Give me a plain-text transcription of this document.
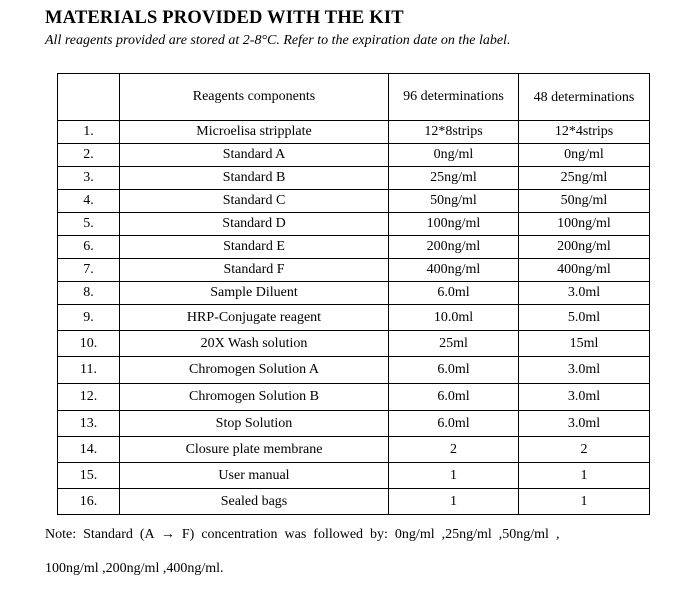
MATERIALS PROVIDED WITH THE KIT
All reagents provided are stored at 2-8°C. Refer to the expiration date on the label.
	Reagents components	96 determinations	48 determinations
1.	Microelisa stripplate	12*8strips	12*4strips
2.	Standard A	0ng/ml	0ng/ml
3.	Standard B	25ng/ml	25ng/ml
4.	Standard C	50ng/ml	50ng/ml
5.	Standard D	100ng/ml	100ng/ml
6.	Standard E	200ng/ml	200ng/ml
7.	Standard F	400ng/ml	400ng/ml
8.	Sample Diluent	6.0ml	3.0ml
9.	HRP-Conjugate reagent	10.0ml	5.0ml
10.	20X Wash solution	25ml	15ml
11.	Chromogen Solution A	6.0ml	3.0ml
12.	Chromogen Solution B	6.0ml	3.0ml
13.	Stop Solution	6.0ml	3.0ml
14.	Closure plate membrane	2	2
15.	User manual	1	1
16.	Sealed bags	1	1
Note:  Standard  (A  →  F)  concentration  was  followed  by:  0ng/ml  ,25ng/ml  ,50ng/ml  ,
100ng/ml ,200ng/ml ,400ng/ml.
